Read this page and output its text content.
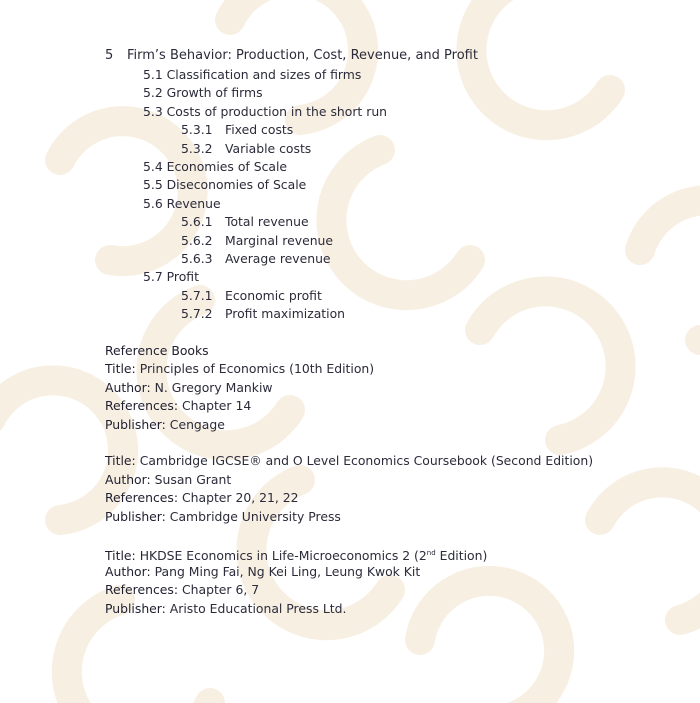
5 Firm’s Behavior: Production, Cost, Revenue, and Profit
5.1 Classification and sizes of firms
5.2 Growth of firms
5.3 Costs of production in the short run
5.3.1 Fixed costs
5.3.2 Variable costs
5.4 Economies of Scale
5.5 Diseconomies of Scale
5.6 Revenue
5.6.1 Total revenue
5.6.2 Marginal revenue
5.6.3 Average revenue
5.7 Profit
5.7.1 Economic profit
5.7.2 Profit maximization
Reference Books
Title: Principles of Economics (10th Edition)
Author: N. Gregory Mankiw
References: Chapter 14
Publisher: Cengage
Title: Cambridge IGCSE® and O Level Economics Coursebook (Second Edition)
Author: Susan Grant
References: Chapter 20, 21, 22
Publisher: Cambridge University Press
Title: HKDSE Economics in Life-Microeconomics 2 (2nd Edition)
Author: Pang Ming Fai, Ng Kei Ling, Leung Kwok Kit
References: Chapter 6, 7
Publisher: Aristo Educational Press Ltd.
